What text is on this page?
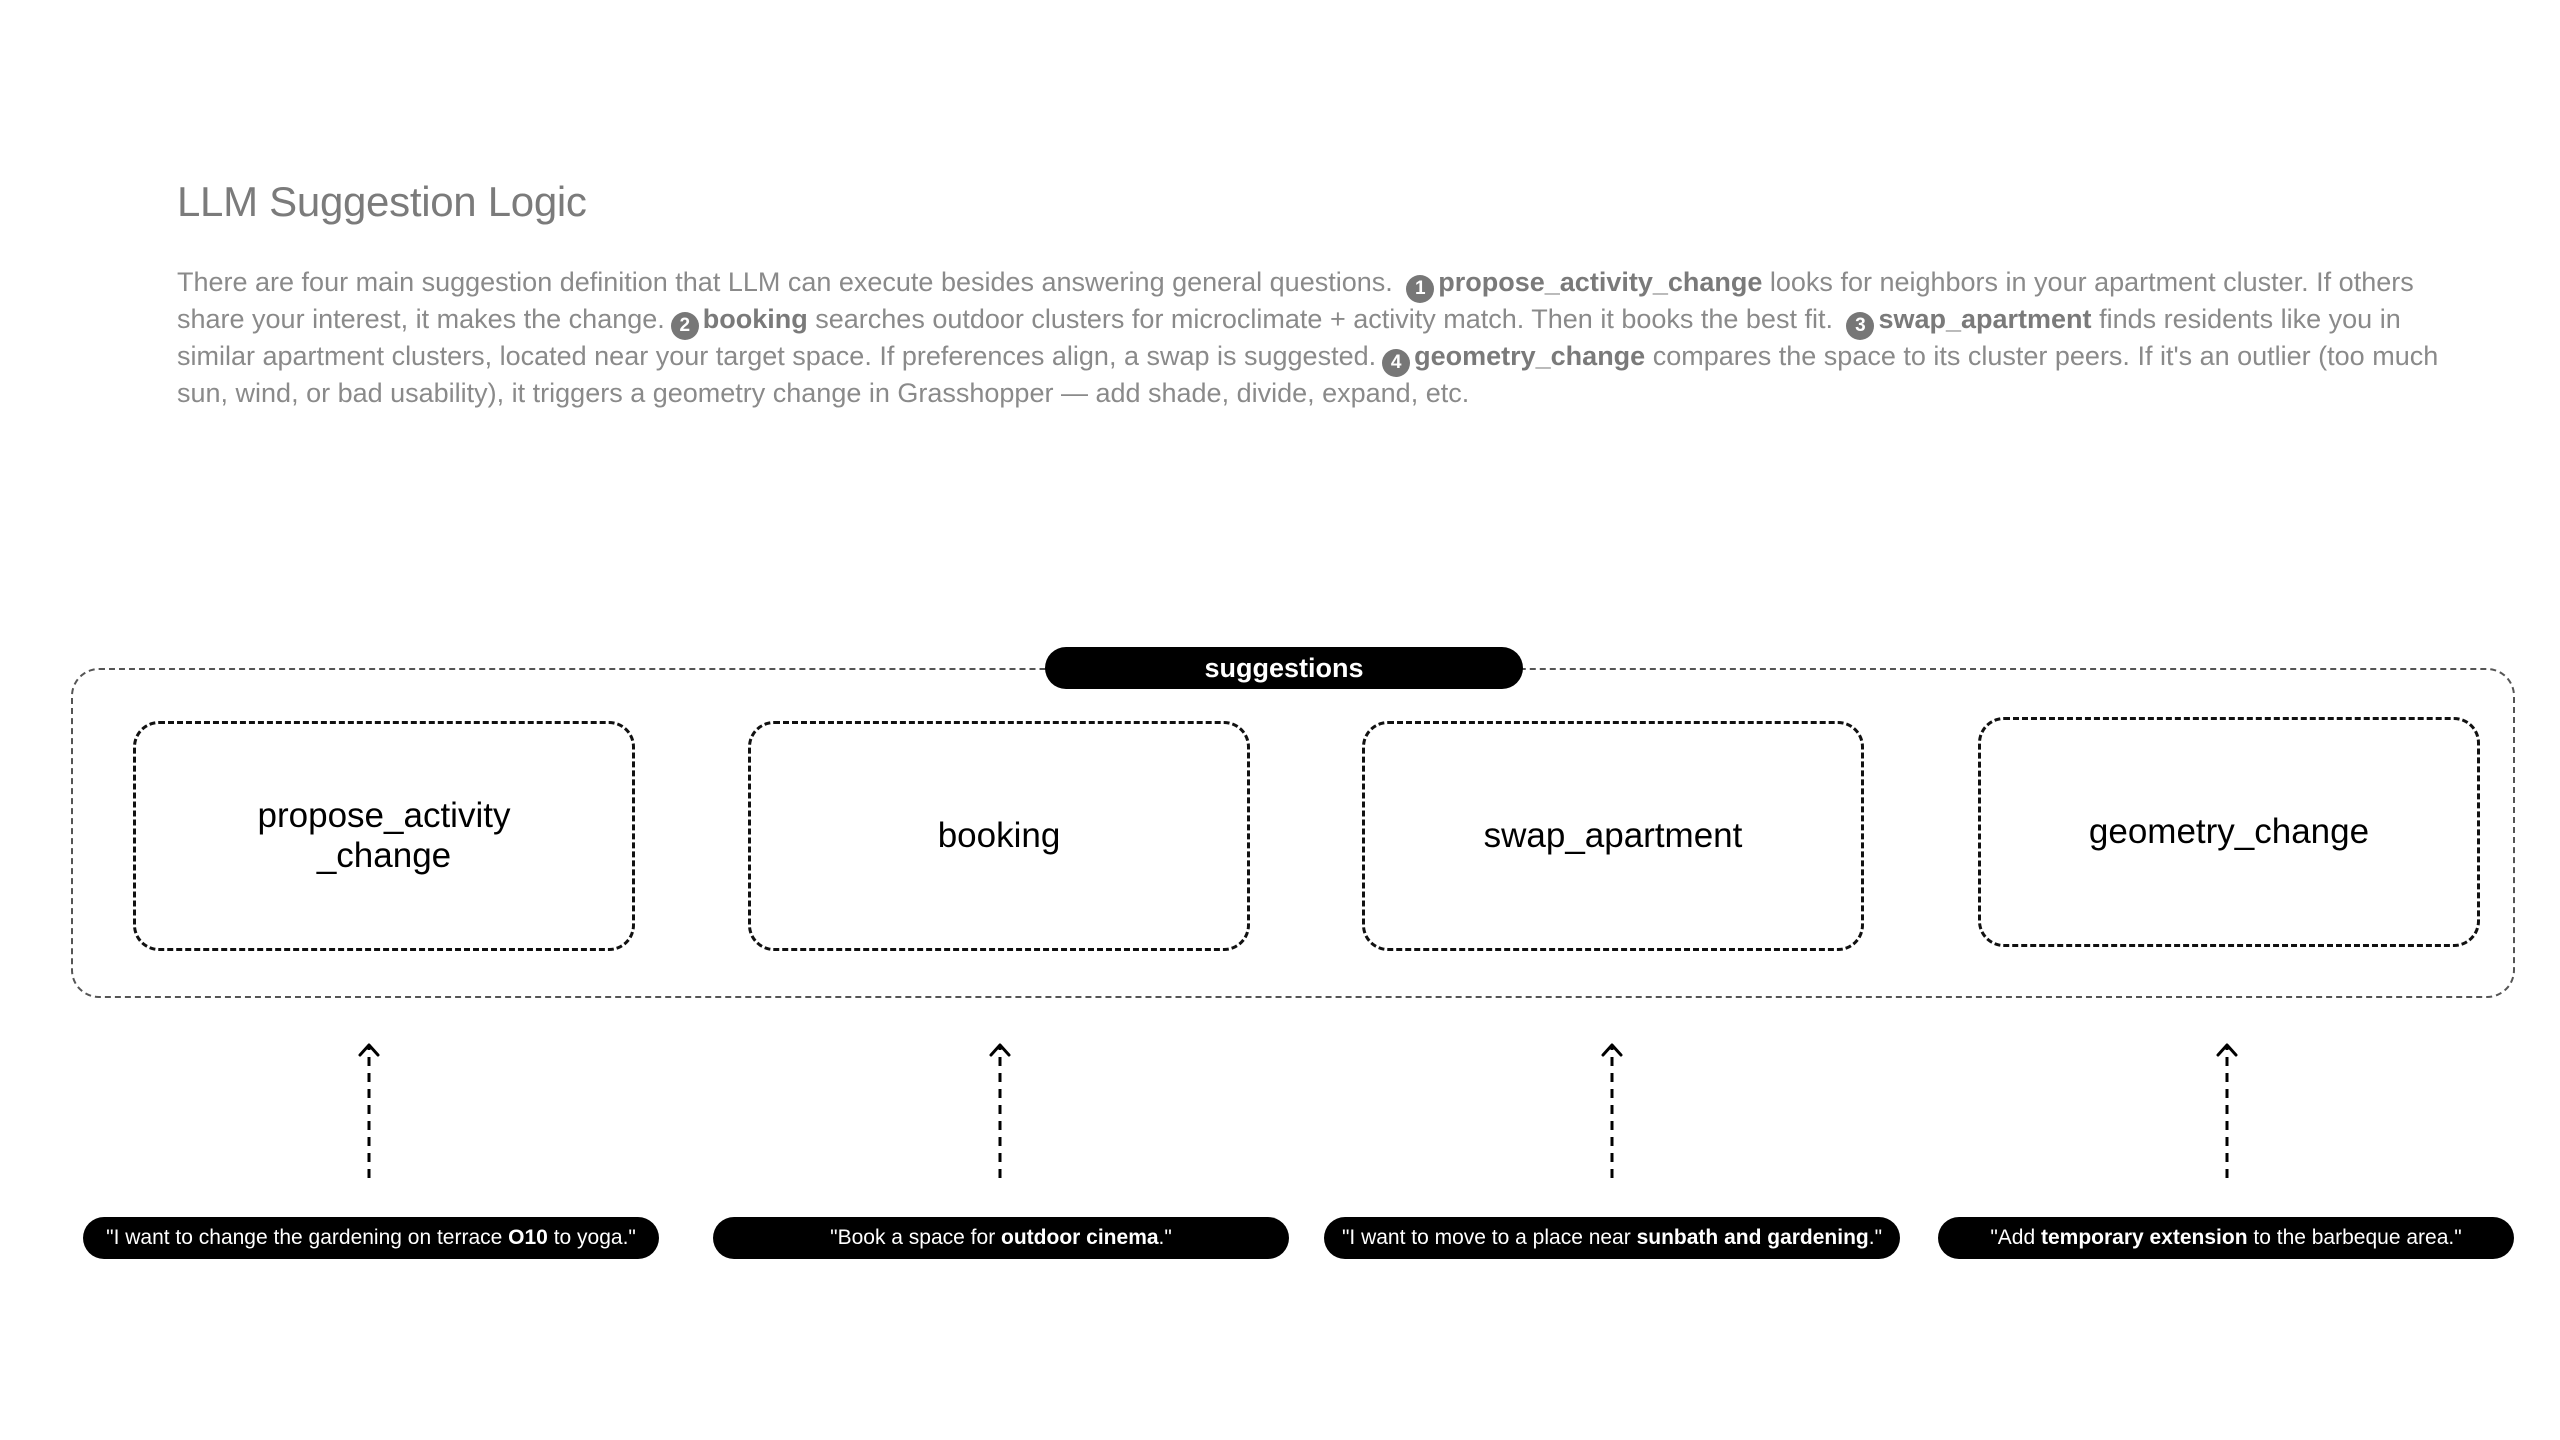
LLM Suggestion Logic

There are four main suggestion definition that LLM can execute besides answering general questions. 1 propose_activity_change looks for neighbors in your apartment cluster. If others share your interest, it makes the change. 2 booking searches outdoor clusters for microclimate + activity match. Then it books the best fit. 3 swap_apartment finds residents like you in similar apartment clusters, located near your target space. If preferences align, a swap is suggested. 4 geometry_change compares the space to its cluster peers. If it's an outlier (too much sun, wind, or bad usability), it triggers a geometry change in Grasshopper — add shade, divide, expand, etc.

suggestions
propose_activity
_change
booking	swap_apartment	geometry_change
"I want to change the gardening on terrace O10 to yoga."	"Book a space for outdoor cinema."	"I want to move to a place near sunbath and gardening."	"Add temporary extension to the barbeque area."
